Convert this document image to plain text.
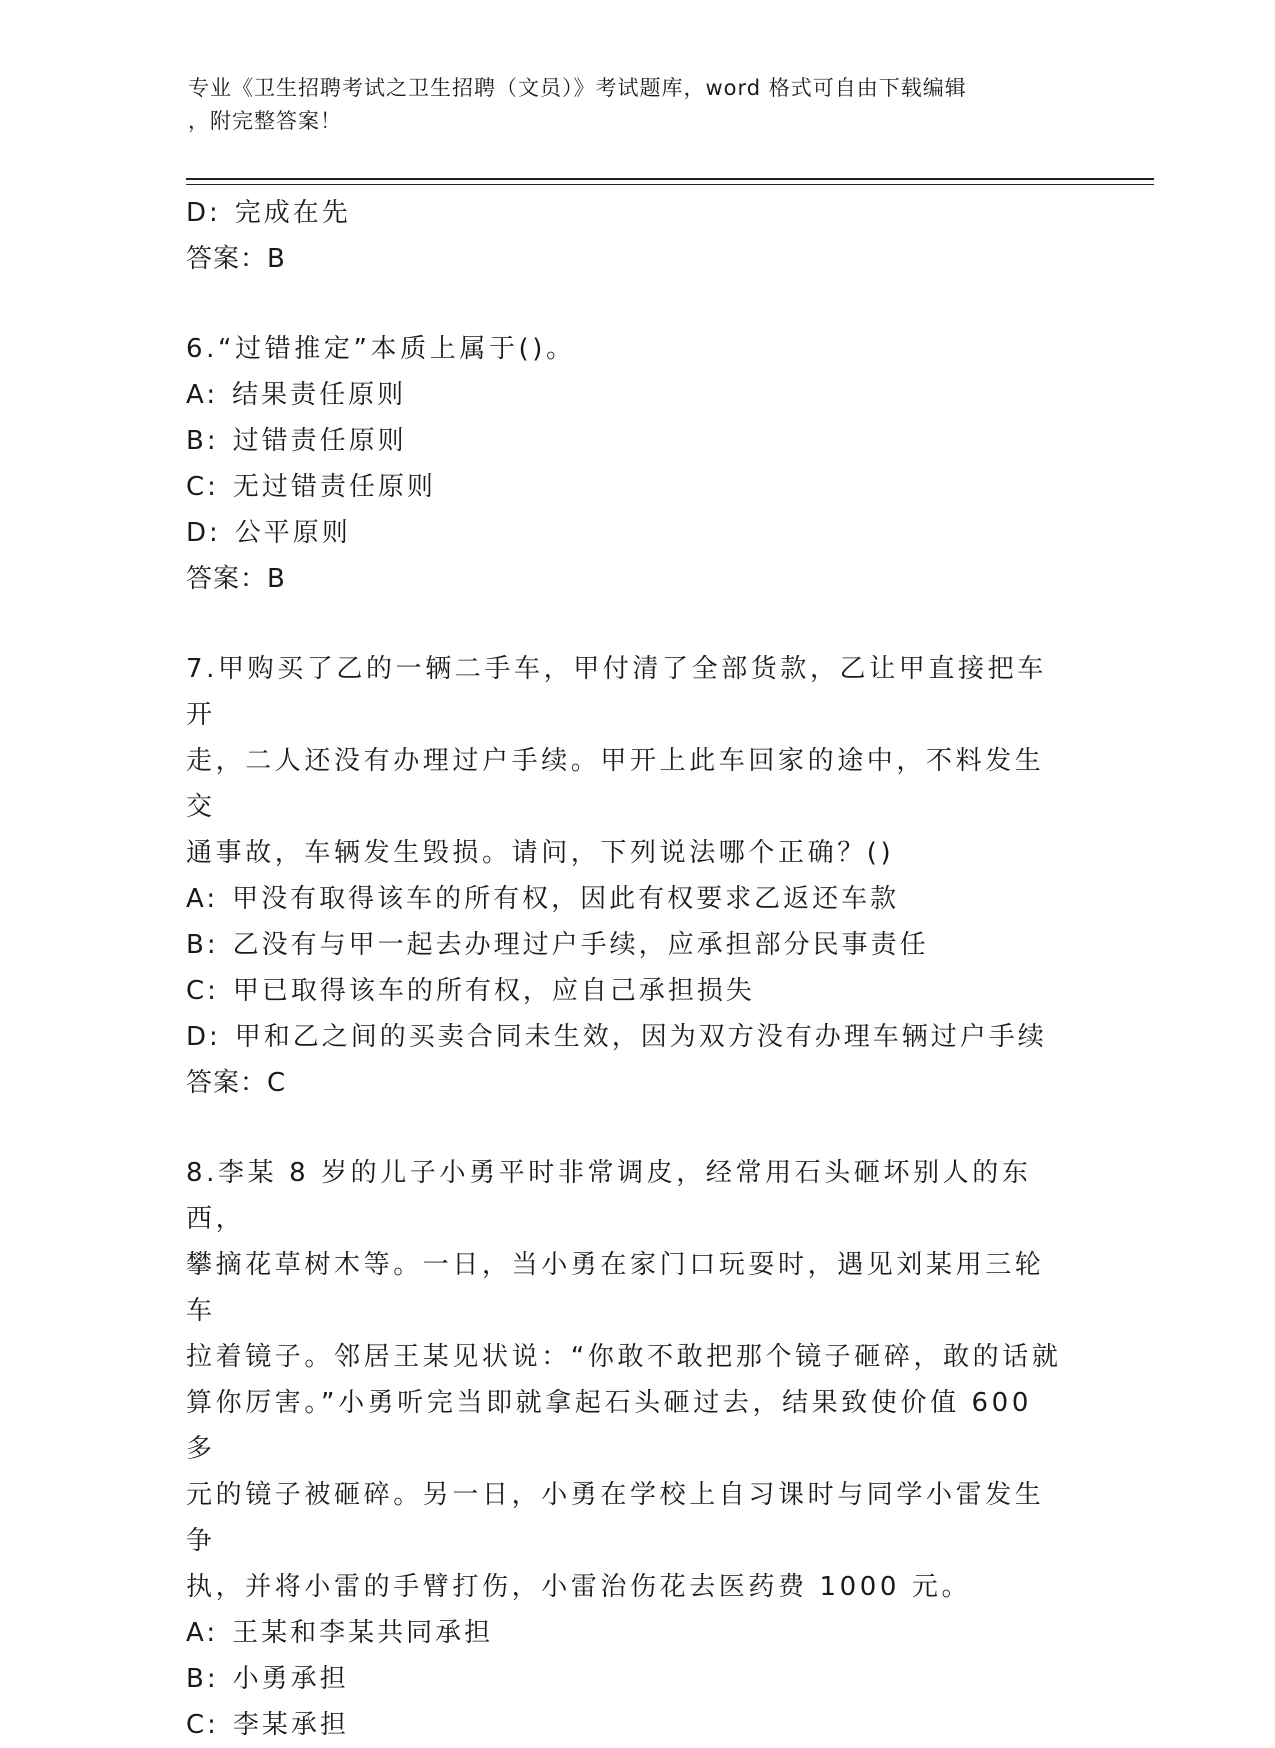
专业《卫生招聘考试之卫生招聘（文员）》考试题库，word 格式可自由下载编辑
，附完整答案！
D: 完成在先
答案：B
6.“过错推定”本质上属于()。
A: 结果责任原则
B: 过错责任原则
C: 无过错责任原则
D: 公平原则
答案：B
7.甲购买了乙的一辆二手车，甲付清了全部货款，乙让甲直接把车开
走，二人还没有办理过户手续。甲开上此车回家的途中，不料发生交
通事故，车辆发生毁损。请问，下列说法哪个正确？()
A: 甲没有取得该车的所有权，因此有权要求乙返还车款
B: 乙没有与甲一起去办理过户手续，应承担部分民事责任
C: 甲已取得该车的所有权，应自己承担损失
D: 甲和乙之间的买卖合同未生效，因为双方没有办理车辆过户手续
答案：C
8.李某 8 岁的儿子小勇平时非常调皮，经常用石头砸坏别人的东西，
攀摘花草树木等。一日，当小勇在家门口玩耍时，遇见刘某用三轮车
拉着镜子。邻居王某见状说：“你敢不敢把那个镜子砸碎，敢的话就
算你厉害。”小勇听完当即就拿起石头砸过去，结果致使价值 600 多
元的镜子被砸碎。另一日，小勇在学校上自习课时与同学小雷发生争
执，并将小雷的手臂打伤，小雷治伤花去医药费 1000 元。
A: 王某和李某共同承担
B: 小勇承担
C: 李某承担
